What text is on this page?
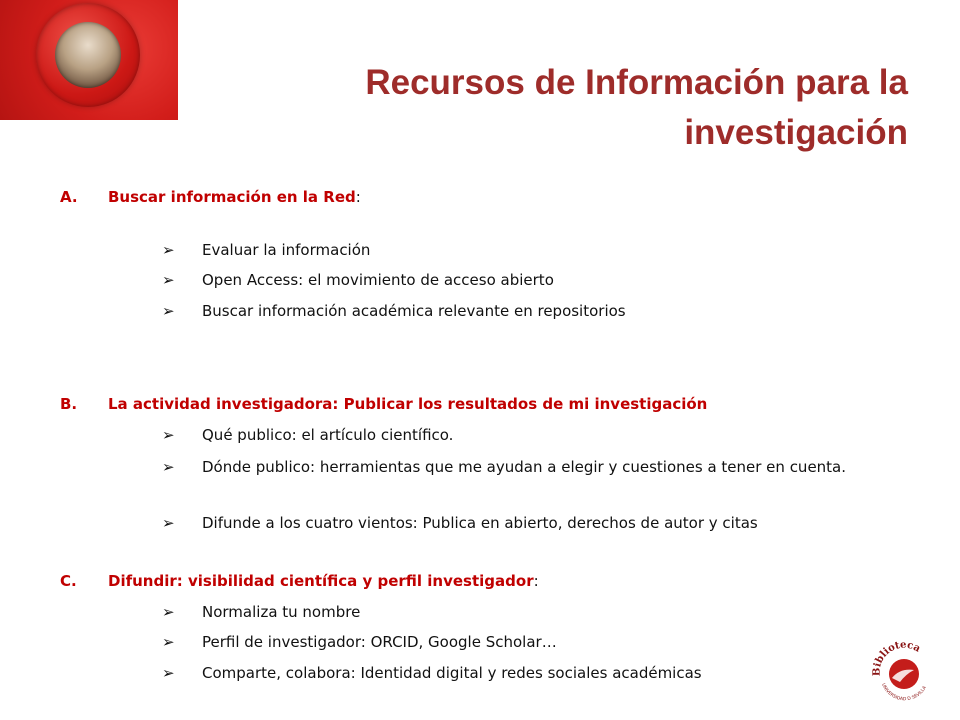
Recursos de Información para la
investigación
A. Buscar información en la Red:
➢	Evaluar la información
➢	Open Access: el movimiento de acceso abierto
➢	Buscar información académica relevante en repositorios
B. La actividad investigadora: Publicar los resultados de mi investigación
➢	Qué publico: el artículo científico.
➢	Dónde publico: herramientas que me ayudan a elegir y cuestiones a tener en cuenta.
➢	Difunde a los cuatro vientos: Publica en abierto, derechos de autor y citas
C. Difundir: visibilidad científica y perfil investigador:
➢	Normaliza tu nombre
➢	Perfil de investigador: ORCID, Google Scholar…
➢	Comparte, colabora: Identidad digital y redes sociales académicas	Biblioteca
UNIVERSIDAD D SEVILLA
